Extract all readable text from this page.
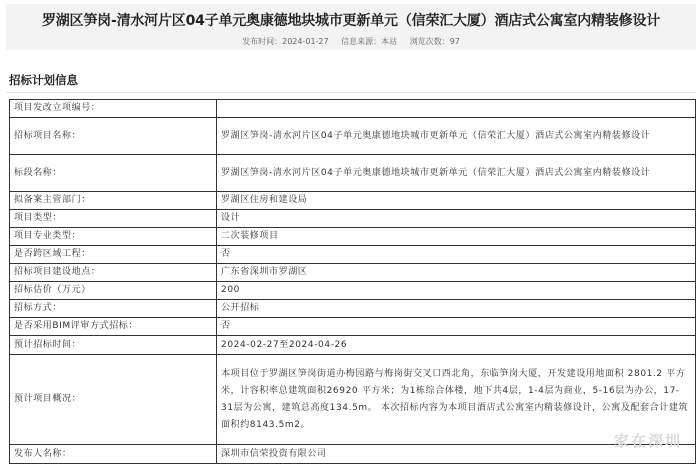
罗湖区笋岗-清水河片区04子单元奥康德地块城市更新单元（信荣汇大厦）酒店式公寓室内精装修设计
发布时间：2024-01-27 信息来源：本站 浏览次数：97
招标计划信息
项目发改立项编号：	
招标项目名称：	罗湖区笋岗-清水河片区04子单元奥康德地块城市更新单元（信荣汇大厦）酒店式公寓室内精装修设计
标段名称：	罗湖区笋岗-清水河片区04子单元奥康德地块城市更新单元（信荣汇大厦）酒店式公寓室内精装修设计
拟备案主管部门：	罗湖区住房和建设局
项目类型：	设计
项目专业类型：	二次装修项目
是否跨区域工程：	否
招标项目建设地点：	广东省深圳市罗湖区
招标估价（万元）	200
招标方式：	公开招标
是否采用BIM评审方式招标：	否
预计招标时间：	2024-02-27至2024-04-26
预计项目概况：	本项目位于罗湖区笋岗街道办梅园路与梅岗街交叉口西北角，东临笋岗大厦，开发建设用地面积 2801.2 平方米，计容积率总建筑面积26920 平方米；为1栋综合体楼，地下共4层，1-4层为商业，5-16层为办公，17-31层为公寓，建筑总高度134.5m。 本次招标内容为本项目酒店式公寓室内精装修设计，公寓及配套合计建筑面积约8143.5m2。
发布人名称：	深圳市信荣投资有限公司
家在深圳
